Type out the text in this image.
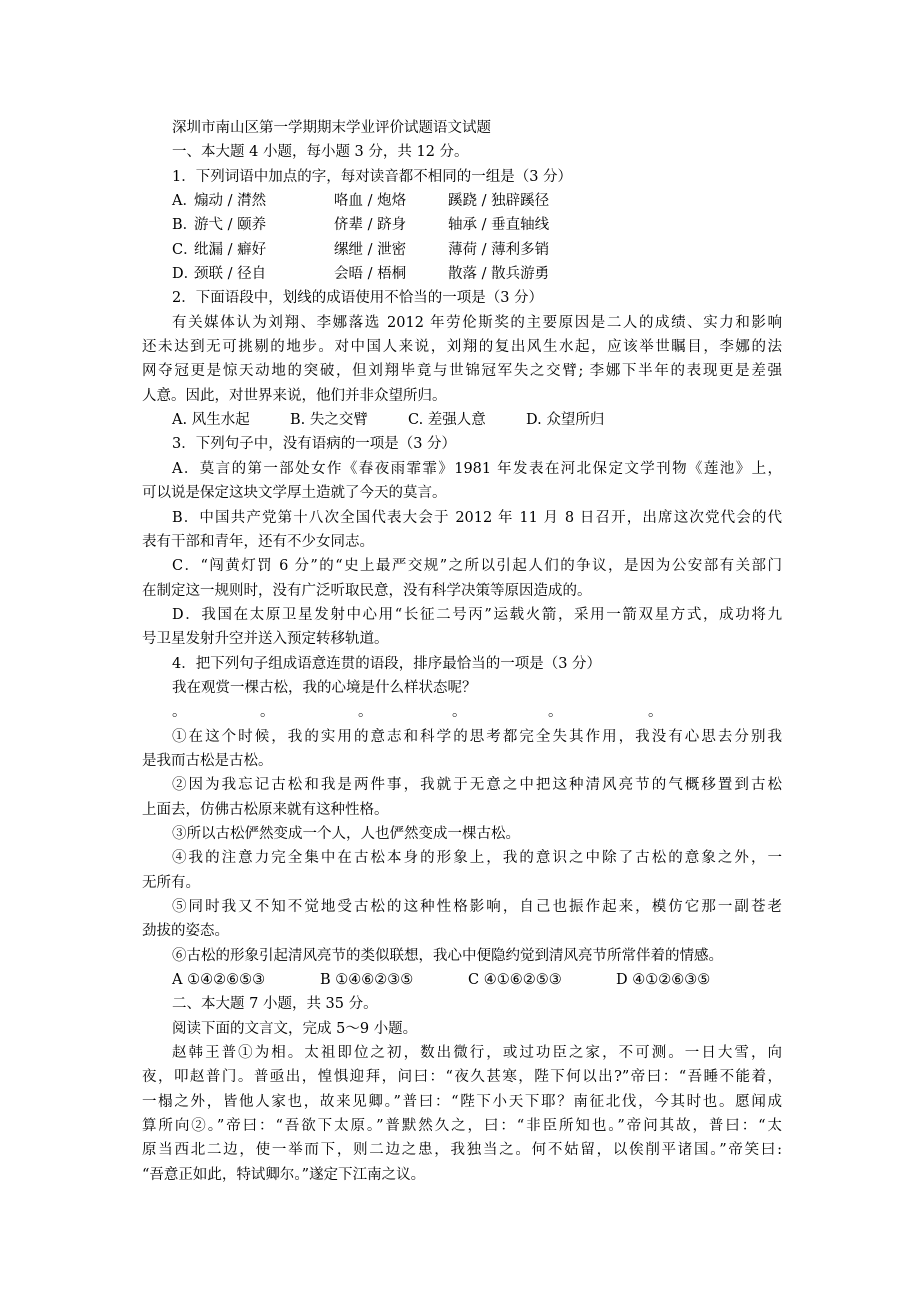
深圳市南山区第一学期期末学业评价试题语文试题
一、本大题 4 小题，每小题 3 分，共 12 分。
1．下列词语中加点的字，每对读音都不相同的一组是（3 分）
A．
煽动 / 潸然	咯血 / 炮烙	蹊跷 / 独辟蹊径
B．
游弋 / 颐养	侪辈 / 跻身	轴承 / 垂直轴线
C．
纰漏 / 癖好	缧绁 / 泄密	薄荷 / 薄利多销
D．
颈联 / 径自	会晤 / 梧桐	散落 / 散兵游勇
2．下面语段中，划线的成语使用不恰当的一项是（3 分）
有关媒体认为刘翔、李娜落选 2012 年劳伦斯奖的主要原因是二人的成绩、实力和影响
还未达到无可挑剔的地步。对中国人来说，刘翔的复出风生水起，应该举世瞩目，李娜的法
网夺冠更是惊天动地的突破，但刘翔毕竟与世锦冠军失之交臂; 李娜下半年的表现更是差强
人意。因此，对世界来说，他们并非众望所归。
A. 风生水起	B. 失之交臂	C. 差强人意	D. 众望所归
3．下列句子中，没有语病的一项是（3 分）
A．莫言的第一部处女作《春夜雨霏霏》1981 年发表在河北保定文学刊物《莲池》上，
可以说是保定这块文学厚土造就了今天的莫言。
B．中国共产党第十八次全国代表大会于 2012 年 11 月 8 日召开，出席这次党代会的代
表有干部和青年，还有不少女同志。
C．“闯黄灯罚 6 分”的“史上最严交规”之所以引起人们的争议，是因为公安部有关部门
在制定这一规则时，没有广泛听取民意，没有科学决策等原因造成的。
D．我国在太原卫星发射中心用“长征二号丙”运载火箭，采用一箭双星方式，成功将九
号卫星发射升空并送入预定转移轨道。
4．把下列句子组成语意连贯的语段，排序最恰当的一项是（3 分）
我在观赏一棵古松，我的心境是什么样状态呢？
。	。	。	。	。	。
①在这个时候，我的实用的意志和科学的思考都完全失其作用，我没有心思去分别我
是我而古松是古松。
②因为我忘记古松和我是两件事，我就于无意之中把这种清风亮节的气概移置到古松
上面去，仿佛古松原来就有这种性格。
③所以古松俨然变成一个人，人也俨然变成一棵古松。
④我的注意力完全集中在古松本身的形象上，我的意识之中除了古松的意象之外，一
无所有。
⑤同时我又不知不觉地受古松的这种性格影响，自己也振作起来，模仿它那一副苍老
劲拔的姿态。
⑥古松的形象引起清风亮节的类似联想，我心中便隐约觉到清风亮节所常伴着的情感。
A ①④②⑥⑤③	B ①④⑥②③⑤	C ④①⑥②⑤③	D ④①②⑥③⑤
二、本大题 7 小题，共 35 分。
阅读下面的文言文，完成 5～9 小题。
赵韩王普①为相。太祖即位之初，数出微行，或过功臣之家，不可测。一日大雪，向
夜，叩赵普门。普亟出，惶惧迎拜，问曰：“夜久甚寒，陛下何以出?”帝曰：“吾睡不能着，
一榻之外，皆他人家也，故来见卿。”普曰：“陛下小天下耶？南征北伐，今其时也。愿闻成
算所向②。”帝曰：“吾欲下太原。”普默然久之，曰：“非臣所知也。”帝问其故，普曰：“太
原当西北二边，使一举而下，则二边之患，我独当之。何不姑留，以俟削平诸国。”帝笑曰:
“吾意正如此，特试卿尔。”遂定下江南之议。
